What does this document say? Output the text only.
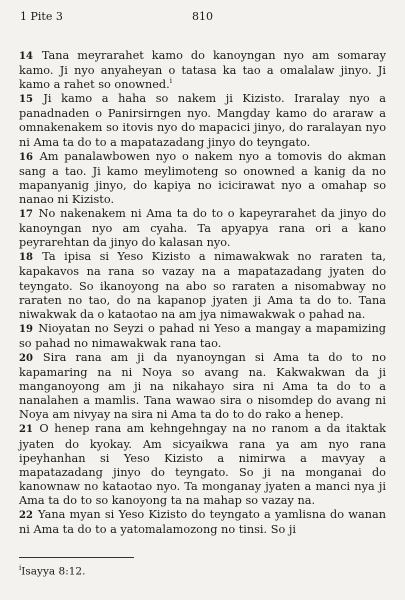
1 Pite 3	810

14 Tana meyrarahet kamo do kanoyngan nyo am somaray kamo. Ji nyo anyaheyan o tatasa ka tao a omalalaw jinyo. Ji kamo a rahet so onowned.$^i$

15 Ji kamo a haha so nakem ji Kizisto. Iraralay nyo a panadnaden o Panirsirngen nyo. Mangday kamo do araraw a omnakenakem so itovis nyo do mapacici jinyo, do raralayan nyo ni Ama ta do to a mapatazadang jinyo do teyngato.

16 Am panalawbowen nyo o nakem nyo a tomovis do akman sang a tao. Ji kamo meylimoteng so onowned a kanig da no mapanyanig jinyo, do kapiya no icicirawat nyo a omahap so nanao ni Kizisto.

17 No nakenakem ni Ama ta do to o kapeyrarahet da jinyo do kanoyngan nyo am cyaha. Ta apyapya rana ori a kano peyrarehtan da jinyo do kalasan nyo.

18 Ta ipisa si Yeso Kizisto a nimawakwak no raraten ta, kapakavos na rana so vazay na a mapatazadang jyaten do teyngato. So ikanoyong na abo so raraten a nisomabway no raraten no tao, do na kapanop jyaten ji Ama ta do to. Tana niwakwak da o kataotao na am jya nimawakwak o pahad na.

19 Nioyatan no Seyzi o pahad ni Yeso a mangay a mapamizing so pahad no nimawakwak rana tao.

20 Sira rana am ji da nyanoyngan si Ama ta do to no kapamaring na ni Noya so avang na. Kakwakwan da ji manganoyong am ji na nikahayo sira ni Ama ta do to a nanalahen a mamlis. Tana wawao sira o nisomdep do avang ni Noya am nivyay na sira ni Ama ta do to do rako a henep.

21 O henep rana am kehngehngay na no ranom a da itaktak jyaten do kyokay. Am sicyaikwa rana ya am nyo rana ipeyhanhan si Yeso Kizisto a nimirwa a mavyay a mapatazadang jinyo do teyngato. So ji na monganai do kanownaw no kataotao nyo. Ta monganay jyaten a manci nya ji Ama ta do to so kanoyong ta na mahap so vazay na.

22 Yana myan si Yeso Kizisto do teyngato a yamlisna do wanan ni Ama ta do to a yatomalamozong no tinsi. So ji

$^i$Isayya 8:12.
